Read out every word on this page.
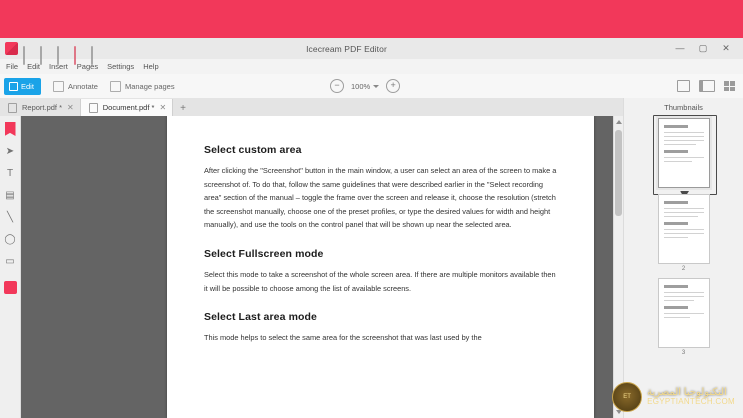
Icecream PDF Editor	— ▢ ✕
File Edit Insert Pages Settings Help
Edit	Annotate	Manage pages	−	100%	+
Report.pdf * ✕	Document.pdf * ✕	+
➤
T
▤
╲
◯
▭
Select custom area

After clicking the "Screenshot" button in the main window, a user can select an area of the screen to make a screenshot of. To do that, follow the same guidelines that were described earlier in the "Select recording area" section of the manual – toggle the frame over the screen and release it, choose the resolution (stretch the screenshot manually, choose one of the preset profiles, or type the desired values for width and height manually), and use the tools on the control panel that will be shown up near the selected area.

Select Fullscreen mode

Select this mode to take a screenshot of the whole screen area. If there are multiple monitors available then it will be possible to choose among the list of available screens.

Select Last area mode

This mode helps to select the same area for the screenshot that was last used by the

Thumbnails
2
3
ET	التكنولوجيا المصرية
EGYPTIANTECH.COM
